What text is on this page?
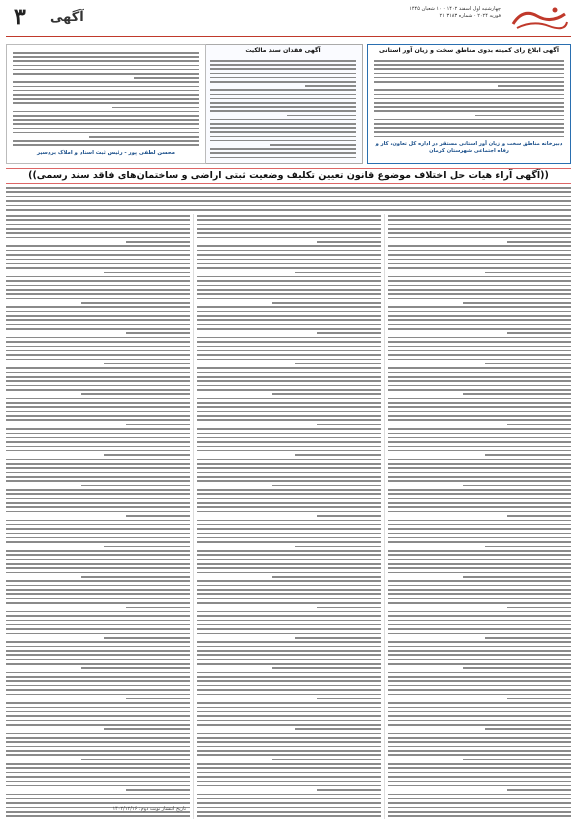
۳ آگهی
چهارشنبه اول اسفند ۱۴۰۲ · ۱۰ شعبان ۱۴۴۵
۲۱ فوریه ۲۰۲۴ · شماره ۳۱۸۳
آگهی ابلاغ رای کمیته بدوی مناطق سخت و زیان آور استانی
دبیرخانه مناطق سخت و زیان آور استانی مستقر در اداره کل تعاون، کار و رفاه اجتماعی شهرستان کرمان
آگهی فقدان سند مالکیت
محسن لطفی پور - رئیس ثبت اسناد و املاک بردسیر
((آگهی آراء هیات حل اختلاف موضوع قانون تعیین تکلیف وضعیت ثبتی اراضی و ساختمان‌های فاقد سند رسمی))
تاریخ انتشار نوبت دوم: ۱۴۰۲/۱۲/۱۶
